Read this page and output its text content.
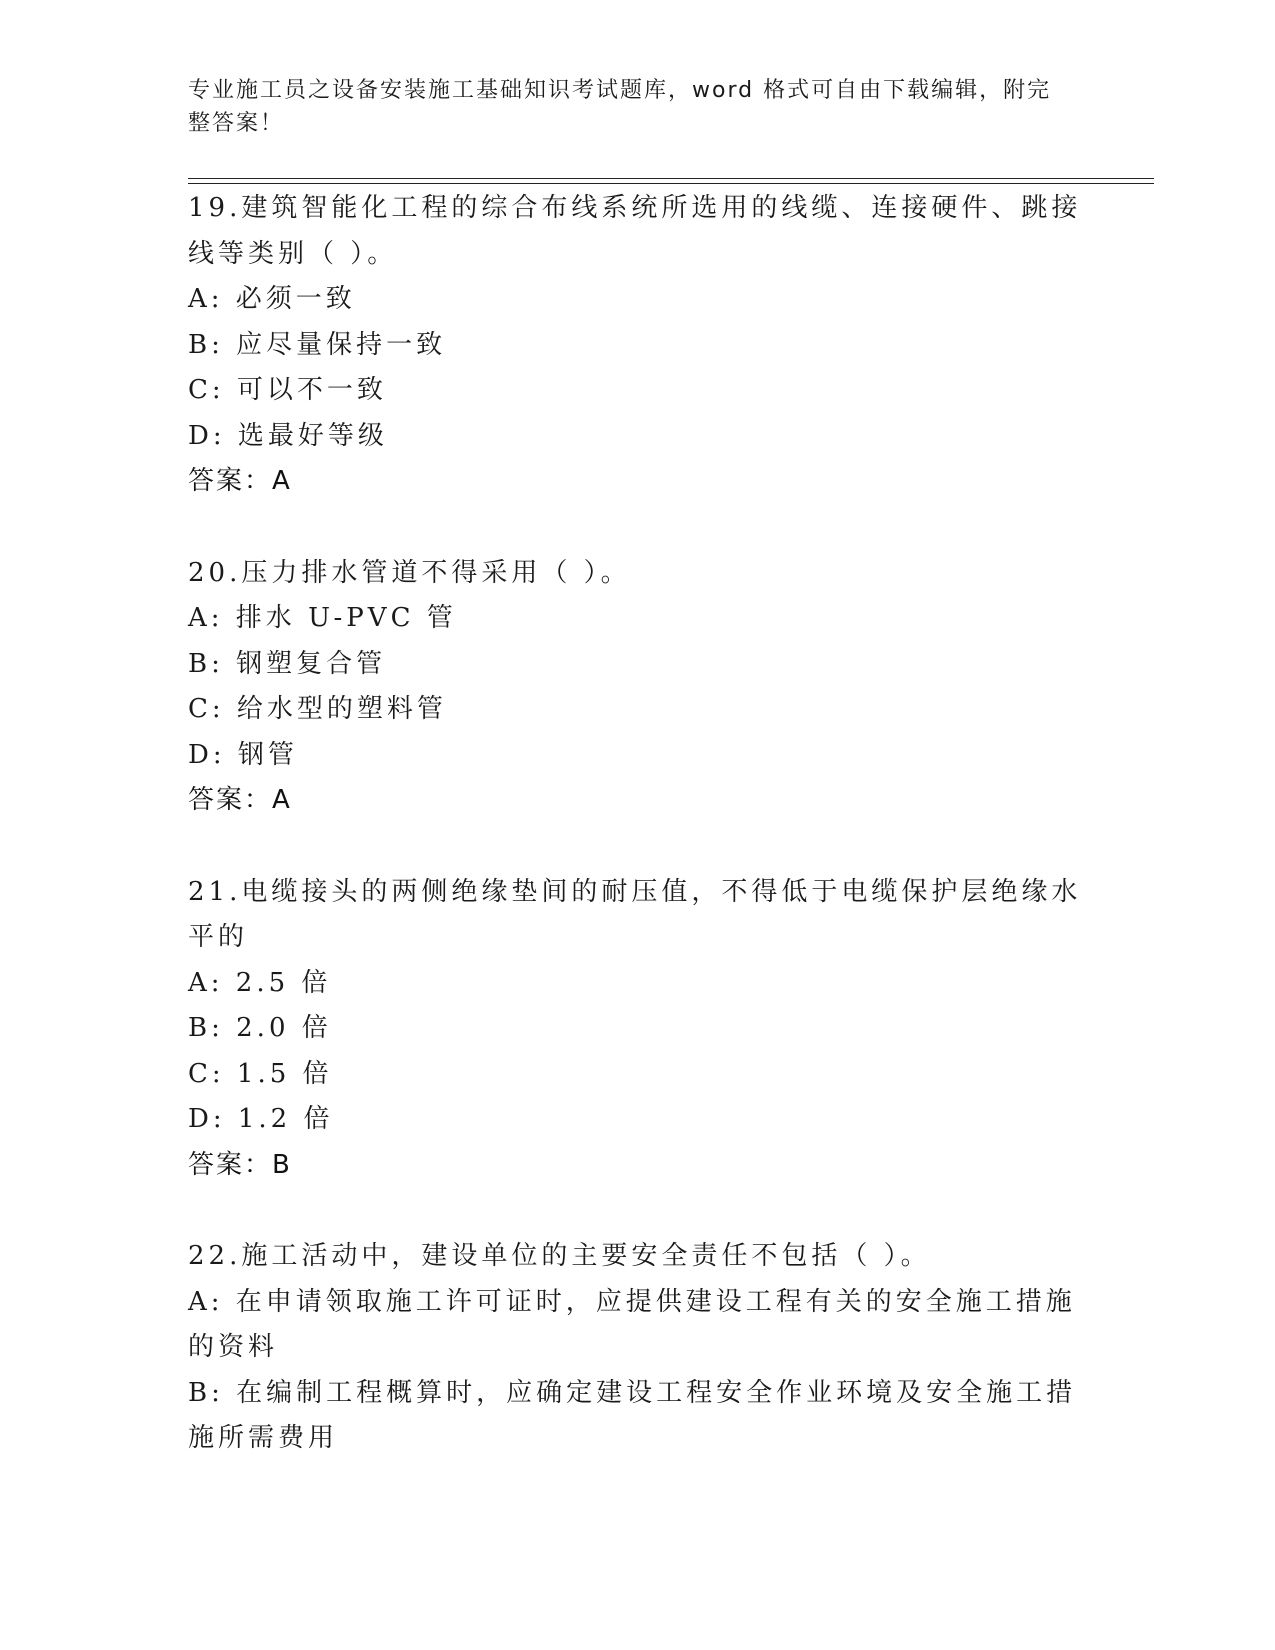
专业施工员之设备安装施工基础知识考试题库，word 格式可自由下载编辑，附完整答案！
19.建筑智能化工程的综合布线系统所选用的线缆、连接硬件、跳接线等类别（ ）。
A: 必须一致
B: 应尽量保持一致
C: 可以不一致
D: 选最好等级
答案：A
20.压力排水管道不得采用（ ）。
A: 排水 U-PVC 管
B: 钢塑复合管
C: 给水型的塑料管
D: 钢管
答案：A
21.电缆接头的两侧绝缘垫间的耐压值，不得低于电缆保护层绝缘水平的
A: 2.5 倍
B: 2.0 倍
C: 1.5 倍
D: 1.2 倍
答案：B
22.施工活动中，建设单位的主要安全责任不包括（ ）。
A: 在申请领取施工许可证时，应提供建设工程有关的安全施工措施的资料
B: 在编制工程概算时，应确定建设工程安全作业环境及安全施工措施所需费用
